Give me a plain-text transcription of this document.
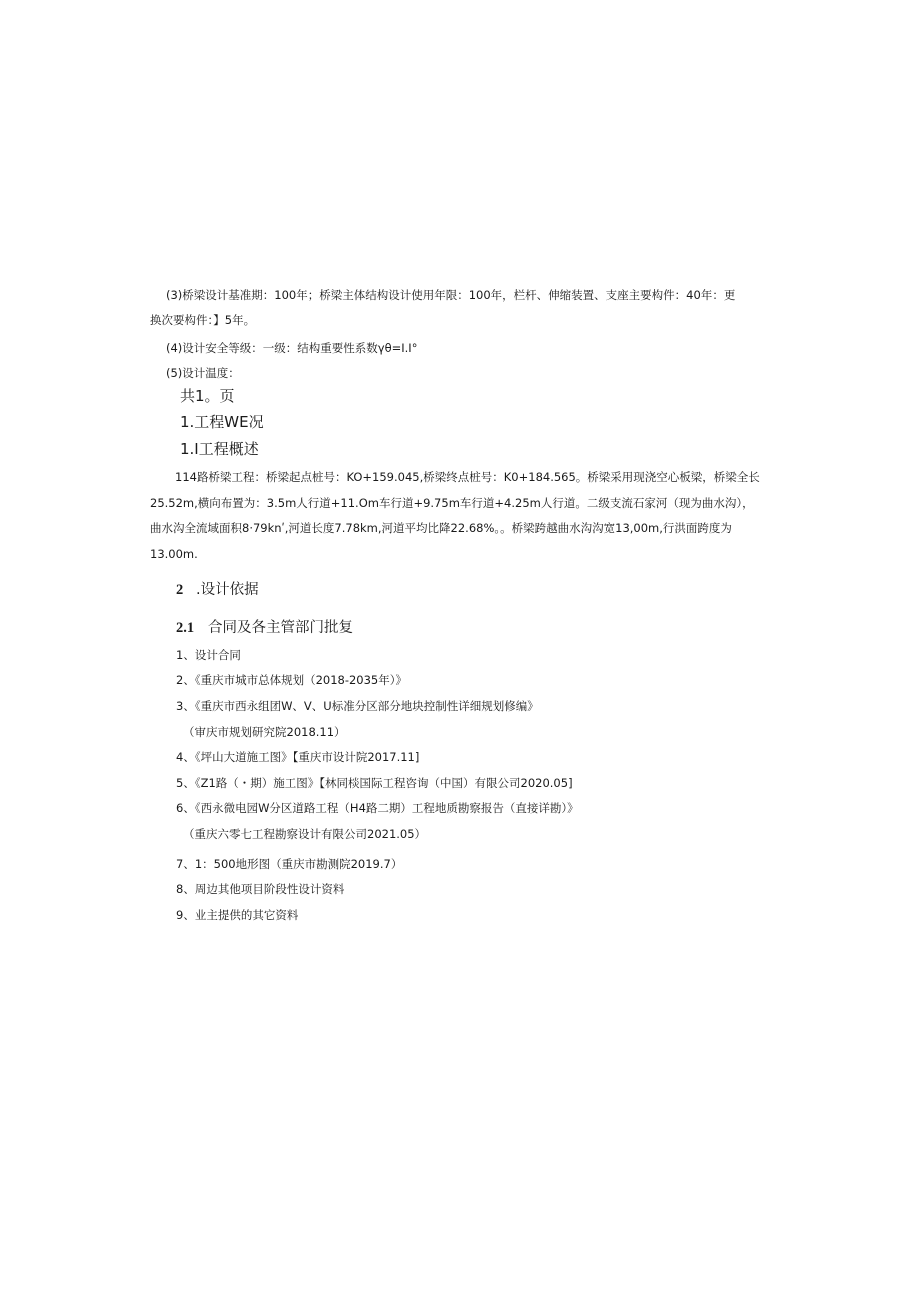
(3)桥梁设计基准期：100年；桥梁主体结构设计使用年限：100年，栏杆、伸缩装置、支座主要构件：40年：更
换次要构件：】5年。
(4)设计安全等级：一级：结构重要性系数γθ=I.I°
(5)设计温度：
共1。页
1.工程WE况
1.I工程概述
114路桥梁工程：桥梁起点桩号：KO+159.045,桥梁终点桩号：K0+184.565。桥梁采用现浇空心板梁，桥梁全长
25.52m,横向布置为：3.5m人行道+11.Om车行道+9.75m车行道+4.25m人行道。二级支流石家河（现为曲水沟），
曲水沟全流域面积8·79knʹ,河道长度7.78km,河道平均比降22.68%。。桥梁跨越曲水沟沟宽13,00m,行洪面跨度为
13.00m.
2 .设计依据
2.1 合同及各主管部门批复
1、设计合同
2、《重庆市城市总体规划（2018-2035年）》
3、《重庆市西永组团W、V、U标准分区部分地块控制性详细规划修编》
（审庆市规划研究院2018.11）
4、《坪山大道施工图》【重庆市设计院2017.11]
5、《Z1路（・期）施工图》【林同棪国际工程咨询（中国）有限公司2020.05]
6、《西永微电园W分区道路工程（H4路二期）工程地质勘察报告（直接详勘）》
（重庆六零七工程勘察设计有限公司2021.05）
7、1：500地形图（重庆市勘测院2019.7）
8、周边其他项目阶段性设计资料
9、业主提供的其它资料
